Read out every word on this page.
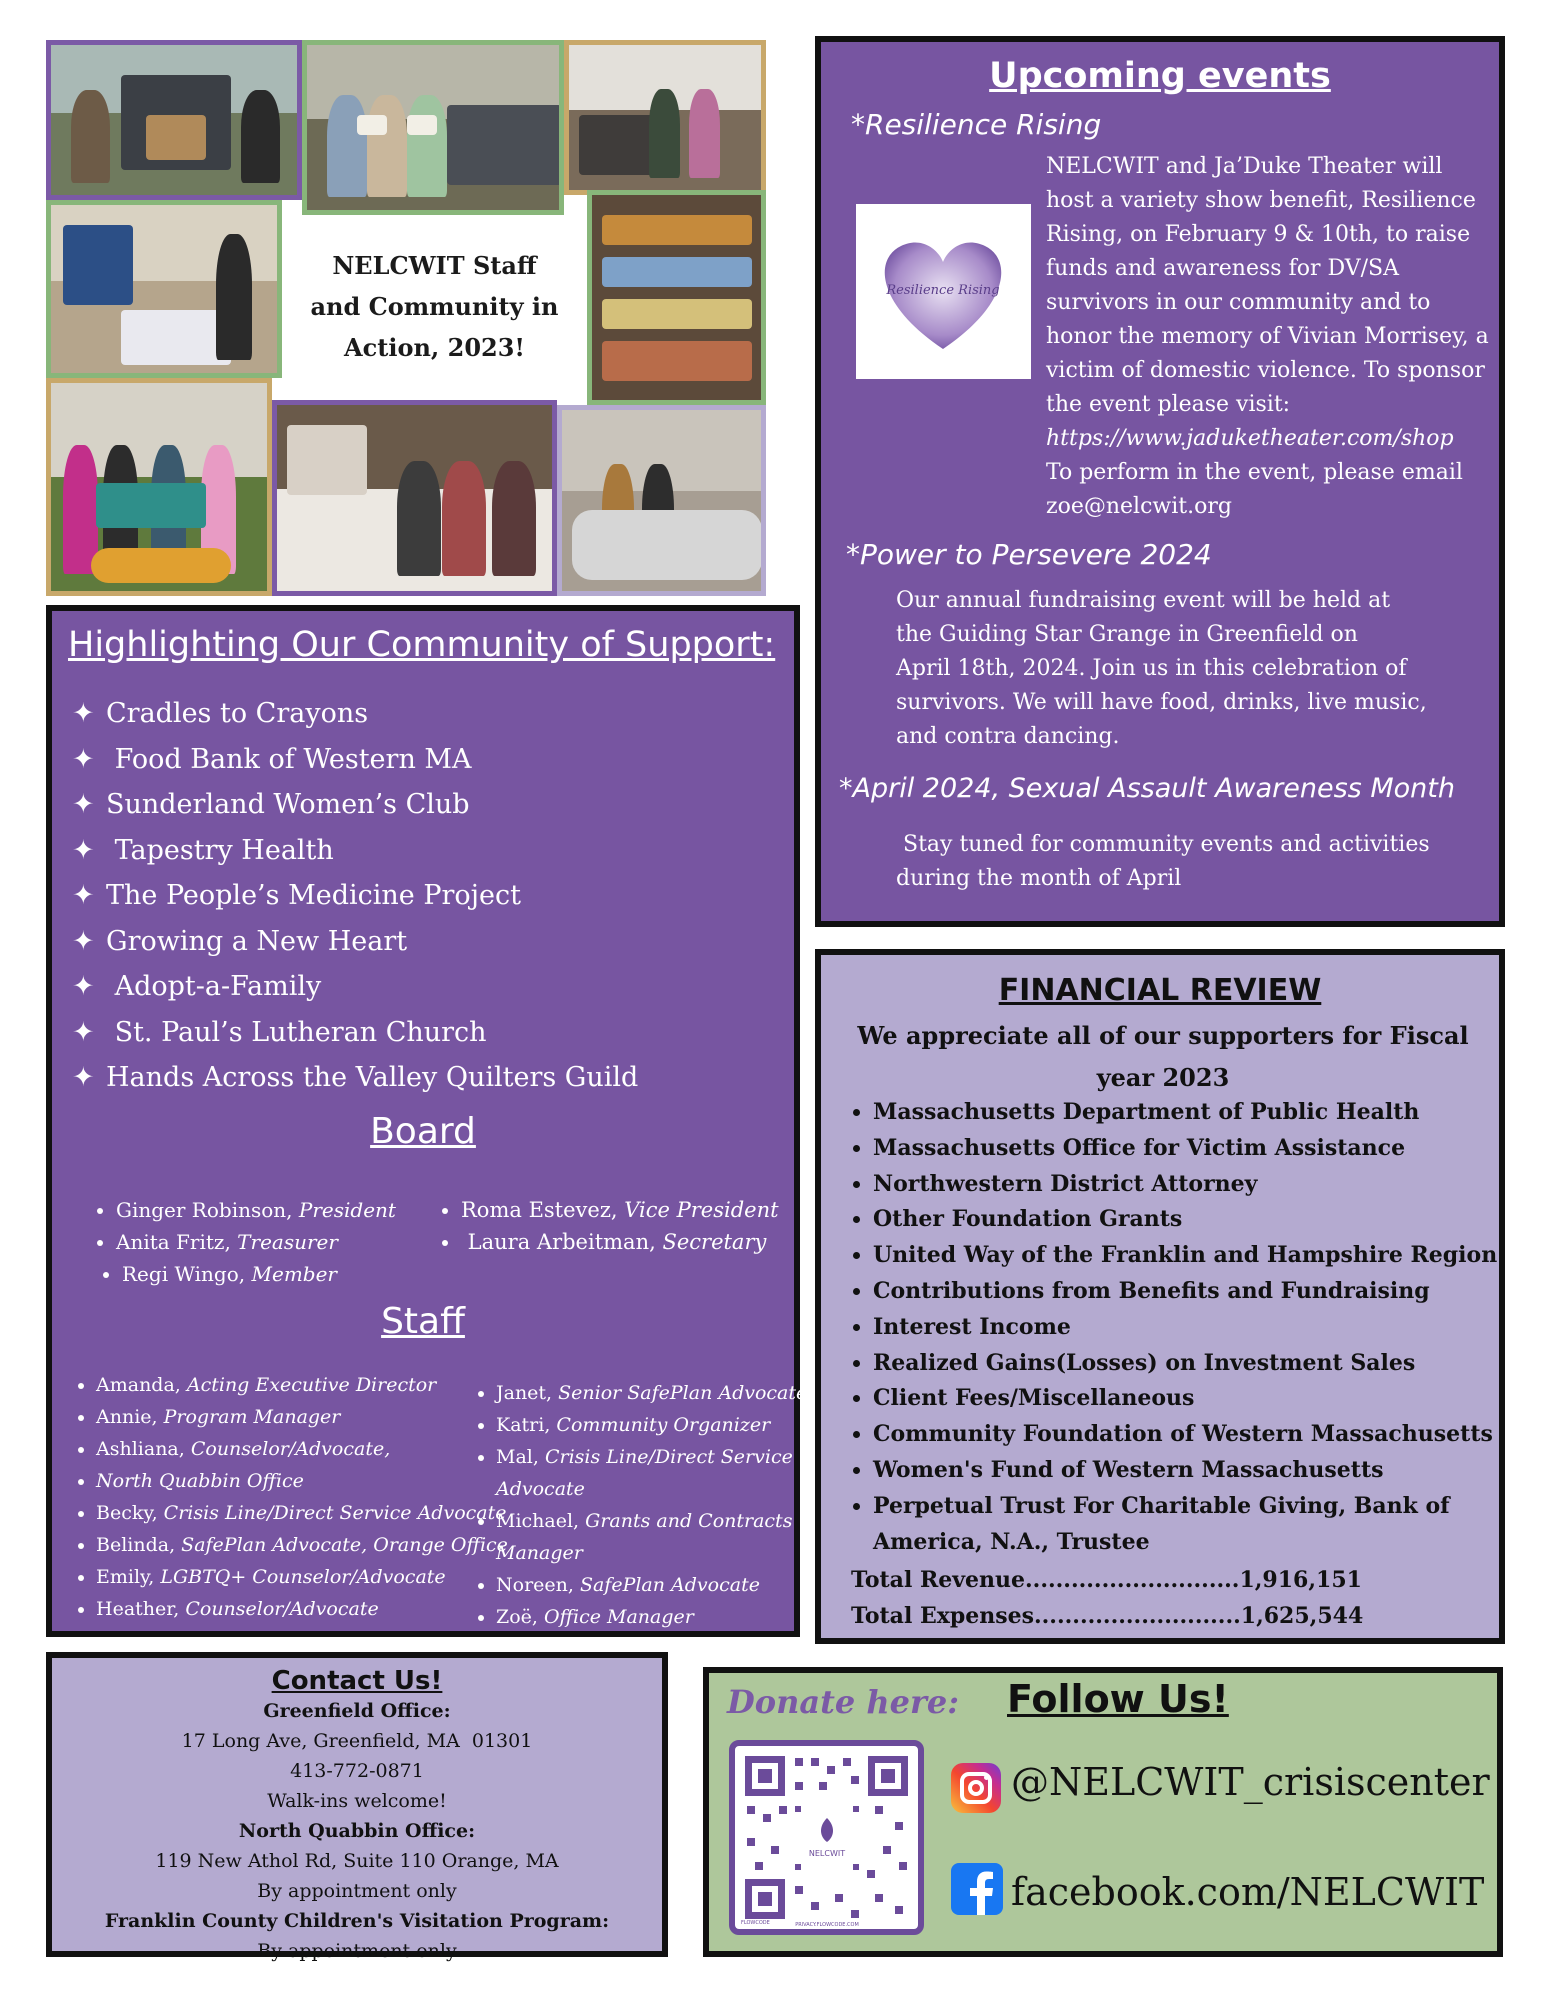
NELCWIT Staff
and Community in
Action, 2023!
Upcoming events
*Resilience Rising
Resilience Rising
NELCWIT and Ja’Duke Theater will
host a variety show benefit, Resilience
Rising, on February 9 & 10th, to raise
funds and awareness for DV/SA
survivors in our community and to
honor the memory of Vivian Morrisey, a
victim of domestic violence. To sponsor
the event please visit:
https://www.jaduketheater.com/shop
To perform in the event, please email
zoe@nelcwit.org
*Power to Persevere 2024
Our annual fundraising event will be held at
the Guiding Star Grange in Greenfield on
April 18th, 2024. Join us in this celebration of
survivors. We will have food, drinks, live music,
and contra dancing.
*April 2024, Sexual Assault Awareness Month
Stay tuned for community events and activities
during the month of April
Highlighting Our Community of Support:
✦ Cradles to Crayons
✦ Food Bank of Western MA
✦ Sunderland Women’s Club
✦ Tapestry Health
✦ The People’s Medicine Project
✦ Growing a New Heart
✦ Adopt-a-Family
✦ St. Paul’s Lutheran Church
✦ Hands Across the Valley Quilters Guild
Board
• Ginger Robinson, President
• Anita Fritz, Treasurer
• Regi Wingo, Member
• Roma Estevez, Vice President
•  Laura Arbeitman, Secretary
Staff
• Amanda, Acting Executive Director
• Annie, Program Manager
• Ashliana, Counselor/Advocate,
• North Quabbin Office
• Becky, Crisis Line/Direct Service Advocate
• Belinda, SafePlan Advocate, Orange Office
• Emily, LGBTQ+ Counselor/Advocate
• Heather, Counselor/Advocate
• Janet, Senior SafePlan Advocate
• Katri, Community Organizer
• Mal, Crisis Line/Direct Service
Advocate
• Michael, Grants and Contracts
Manager
• Noreen, SafePlan Advocate
• Zoë, Office Manager
FINANCIAL REVIEW
We appreciate all of our supporters for Fiscal year 2023
• Massachusetts Department of Public Health
• Massachusetts Office for Victim Assistance
• Northwestern District Attorney
• Other Foundation Grants
• United Way of the Franklin and Hampshire Region
• Contributions from Benefits and Fundraising
• Interest Income
• Realized Gains(Losses) on Investment Sales
• Client Fees/Miscellaneous
• Community Foundation of Western Massachusetts
• Women's Fund of Western Massachusetts
• Perpetual Trust For Charitable Giving, Bank of
America, N.A., Trustee
Total Revenue............................1,916,151
Total Expenses...........................1,625,544
Contact Us!
Greenfield Office:
17 Long Ave, Greenfield, MA  01301
413-772-0871
Walk-ins welcome!
North Quabbin Office:
119 New Athol Rd, Suite 110 Orange, MA
By appointment only
Franklin County Children's Visitation Program:
By appointment only
Donate here: Follow Us!
NELCWIT
FLOWCODE	PRIVACY.FLOWCODE.COM
@NELCWIT_crisiscenter
facebook.com/NELCWIT
